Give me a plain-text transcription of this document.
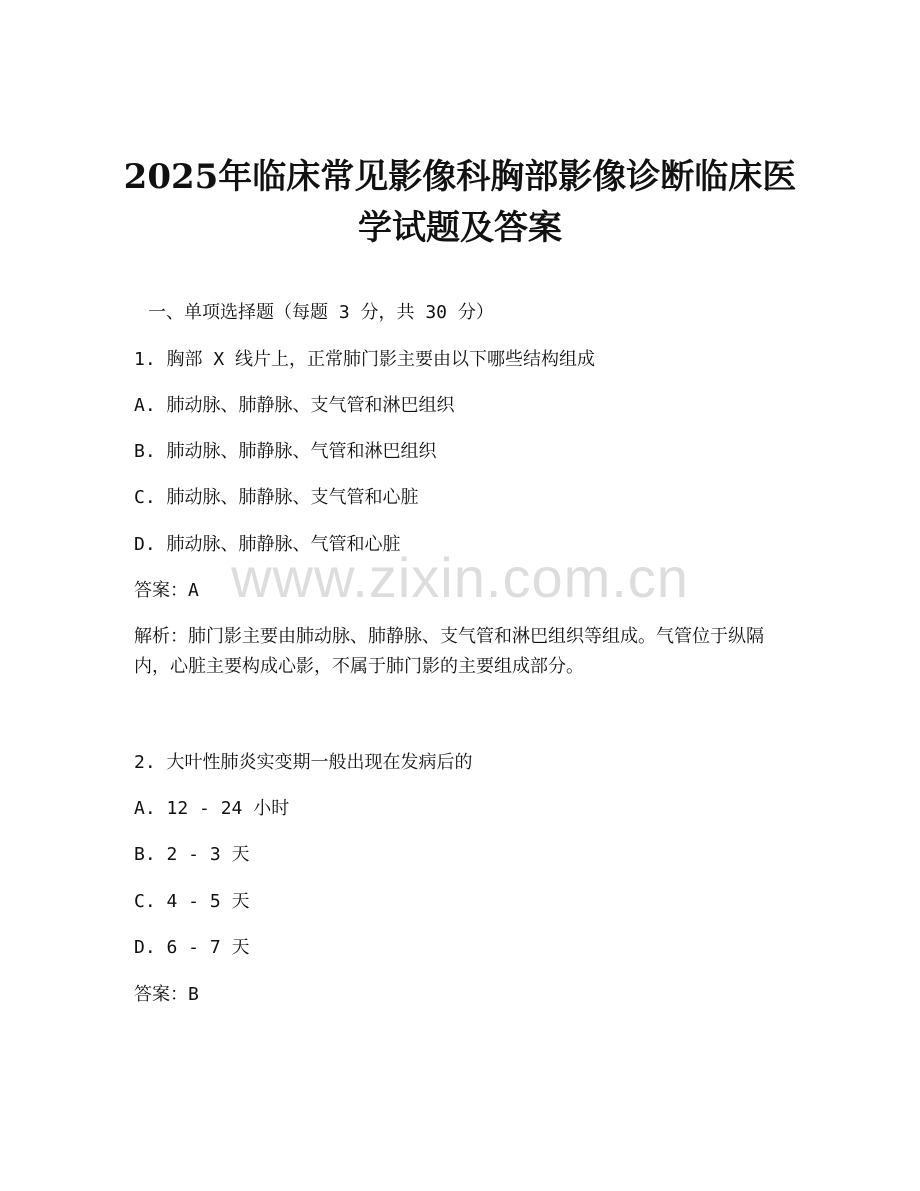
www.zixin.com.cn
2025年临床常见影像科胸部影像诊断临床医
学试题及答案

一、单项选择题（每题 3 分，共 30 分）

1. 胸部 X 线片上，正常肺门影主要由以下哪些结构组成

A. 肺动脉、肺静脉、支气管和淋巴组织

B. 肺动脉、肺静脉、气管和淋巴组织

C. 肺动脉、肺静脉、支气管和心脏

D. 肺动脉、肺静脉、气管和心脏

答案：A

解析：肺门影主要由肺动脉、肺静脉、支气管和淋巴组织等组成。气管位于纵隔内，心脏主要构成心影，不属于肺门影的主要组成部分。

2. 大叶性肺炎实变期一般出现在发病后的

A. 12 - 24 小时

B. 2 - 3 天

C. 4 - 5 天

D. 6 - 7 天

答案：B
